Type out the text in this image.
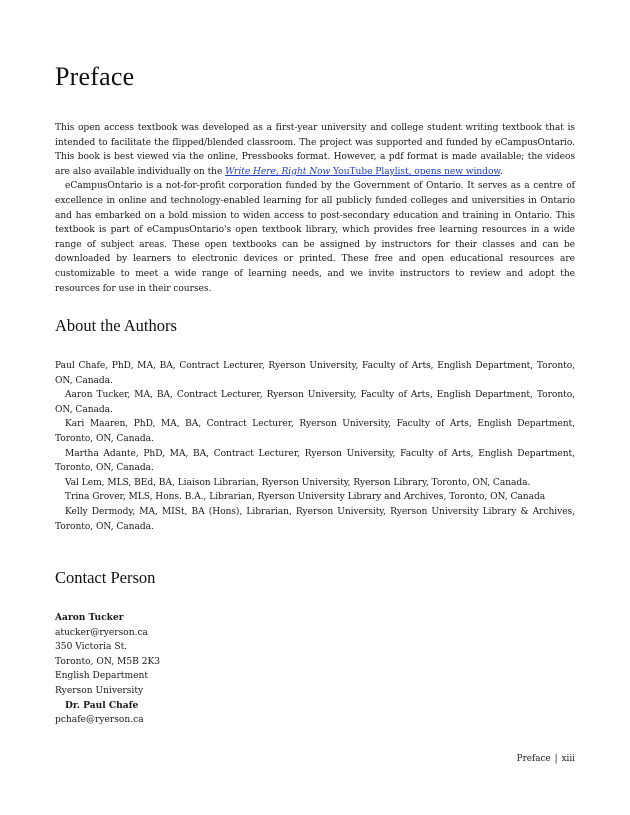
Preface

This open access textbook was developed as a first-year university and college student writing textbook that is intended to facilitate the flipped/blended classroom. The project was supported and funded by eCampusOntario. This book is best viewed via the online, Pressbooks format. However, a pdf format is made available; the videos are also available individually on the Write Here, Right Now YouTube Playlist, opens new window.

eCampusOntario is a not-for-profit corporation funded by the Government of Ontario. It serves as a centre of excellence in online and technology-enabled learning for all publicly funded colleges and universities in Ontario and has embarked on a bold mission to widen access to post-secondary education and training in Ontario. This textbook is part of eCampusOntario's open textbook library, which provides free learning resources in a wide range of subject areas. These open textbooks can be assigned by instructors for their classes and can be downloaded by learners to electronic devices or printed. These free and open educational resources are customizable to meet a wide range of learning needs, and we invite instructors to review and adopt the resources for use in their courses.

About the Authors

Paul Chafe, PhD, MA, BA, Contract Lecturer, Ryerson University, Faculty of Arts, English Department, Toronto, ON, Canada.

Aaron Tucker, MA, BA, Contract Lecturer, Ryerson University, Faculty of Arts, English Department, Toronto, ON, Canada.

Kari Maaren, PhD, MA, BA, Contract Lecturer, Ryerson University, Faculty of Arts, English Department, Toronto, ON, Canada.

Martha Adante, PhD, MA, BA, Contract Lecturer, Ryerson University, Faculty of Arts, English Department, Toronto, ON, Canada.

Val Lem, MLS, BEd, BA, Liaison Librarian, Ryerson University, Ryerson Library, Toronto, ON, Canada.

Trina Grover, MLS, Hons. B.A., Librarian, Ryerson University Library and Archives, Toronto, ON, Canada

Kelly Dermody, MA, MISt, BA (Hons), Librarian, Ryerson University, Ryerson University Library & Archives, Toronto, ON, Canada.

Contact Person
Aaron Tucker
atucker@ryerson.ca
350 Victoria St.
Toronto, ON, M5B 2K3
English Department
Ryerson University
Dr. Paul Chafe
pchafe@ryerson.ca
Preface | xiii
